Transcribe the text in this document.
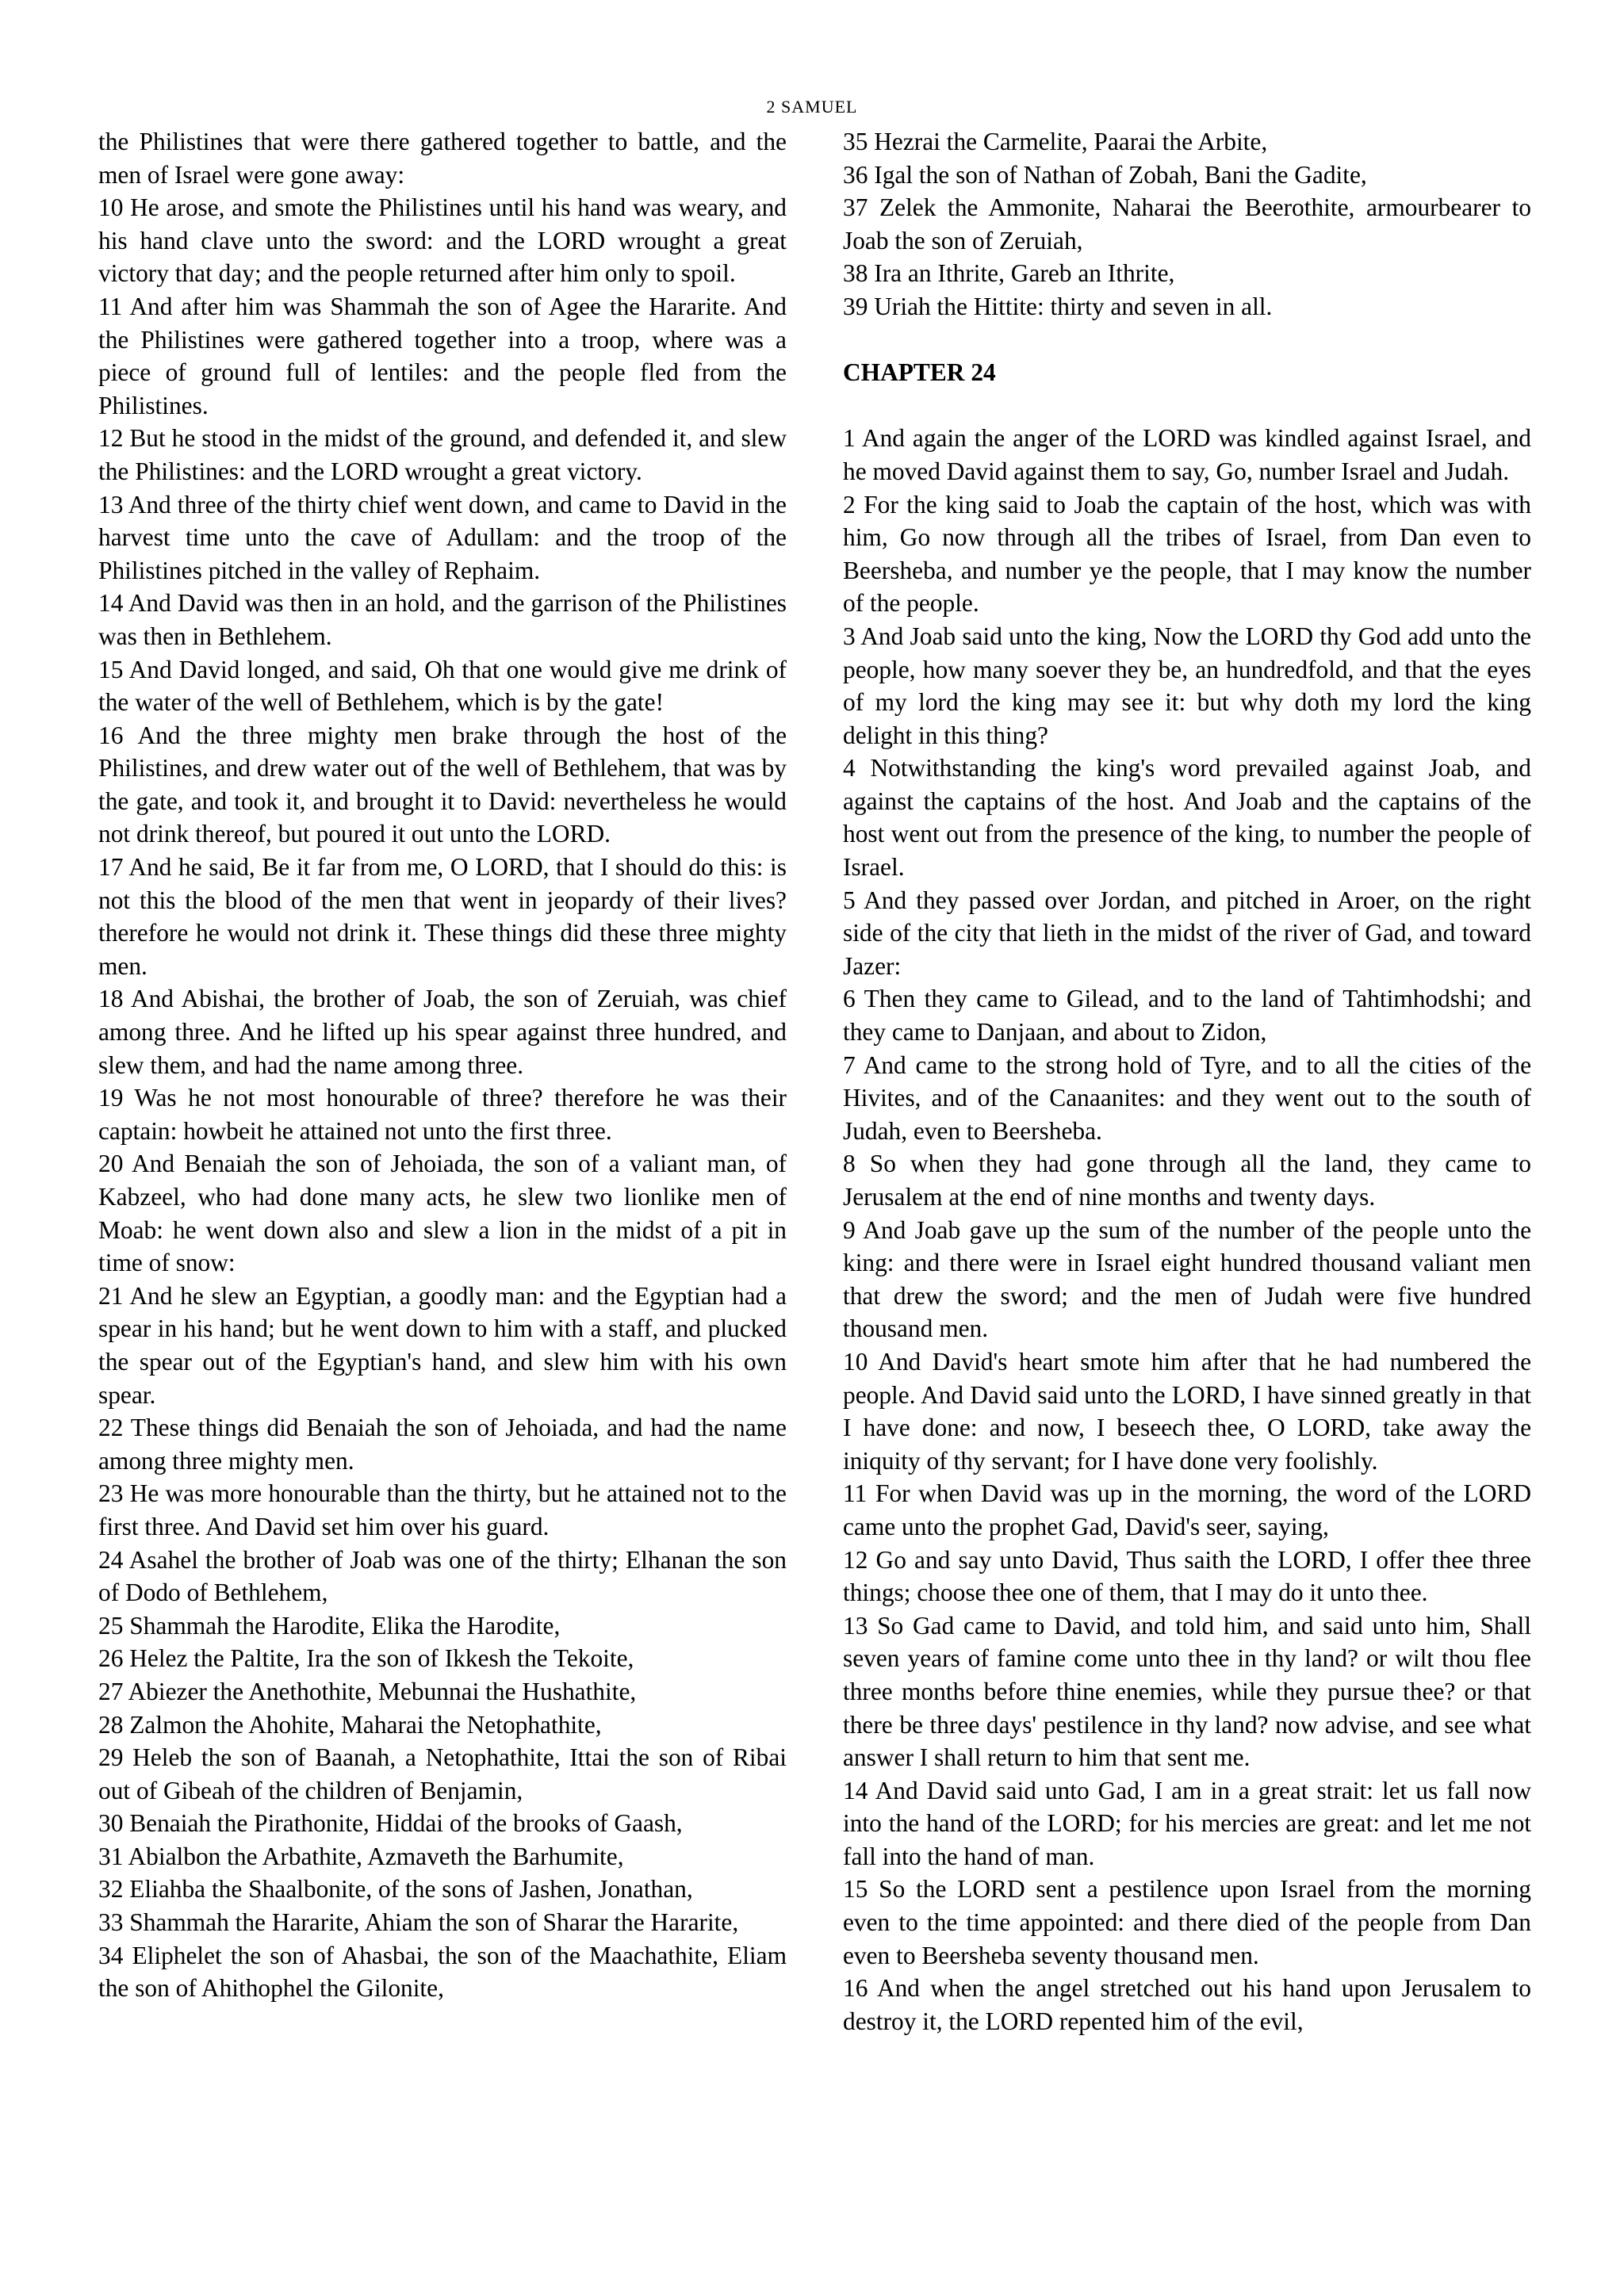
2 SAMUEL

the Philistines that were there gathered together to battle, and the men of Israel were gone away:

10 He arose, and smote the Philistines until his hand was weary, and his hand clave unto the sword: and the LORD wrought a great victory that day; and the people returned after him only to spoil.

11 And after him was Shammah the son of Agee the Hararite. And the Philistines were gathered together into a troop, where was a piece of ground full of lentiles: and the people fled from the Philistines.

12 But he stood in the midst of the ground, and defended it, and slew the Philistines: and the LORD wrought a great victory.

13 And three of the thirty chief went down, and came to David in the harvest time unto the cave of Adullam: and the troop of the Philistines pitched in the valley of Rephaim.

14 And David was then in an hold, and the garrison of the Philistines was then in Bethlehem.

15 And David longed, and said, Oh that one would give me drink of the water of the well of Bethlehem, which is by the gate!

16 And the three mighty men brake through the host of the Philistines, and drew water out of the well of Bethlehem, that was by the gate, and took it, and brought it to David: nevertheless he would not drink thereof, but poured it out unto the LORD.

17 And he said, Be it far from me, O LORD, that I should do this: is not this the blood of the men that went in jeopardy of their lives? therefore he would not drink it. These things did these three mighty men.

18 And Abishai, the brother of Joab, the son of Zeruiah, was chief among three. And he lifted up his spear against three hundred, and slew them, and had the name among three.

19 Was he not most honourable of three? therefore he was their captain: howbeit he attained not unto the first three.

20 And Benaiah the son of Jehoiada, the son of a valiant man, of Kabzeel, who had done many acts, he slew two lionlike men of Moab: he went down also and slew a lion in the midst of a pit in time of snow:

21 And he slew an Egyptian, a goodly man: and the Egyptian had a spear in his hand; but he went down to him with a staff, and plucked the spear out of the Egyptian's hand, and slew him with his own spear.

22 These things did Benaiah the son of Jehoiada, and had the name among three mighty men.

23 He was more honourable than the thirty, but he attained not to the first three. And David set him over his guard.

24 Asahel the brother of Joab was one of the thirty; Elhanan the son of Dodo of Bethlehem,

25 Shammah the Harodite, Elika the Harodite,

26 Helez the Paltite, Ira the son of Ikkesh the Tekoite,

27 Abiezer the Anethothite, Mebunnai the Hushathite,

28 Zalmon the Ahohite, Maharai the Netophathite,

29 Heleb the son of Baanah, a Netophathite, Ittai the son of Ribai out of Gibeah of the children of Benjamin,

30 Benaiah the Pirathonite, Hiddai of the brooks of Gaash,

31 Abialbon the Arbathite, Azmaveth the Barhumite,

32 Eliahba the Shaalbonite, of the sons of Jashen, Jonathan,

33 Shammah the Hararite, Ahiam the son of Sharar the Hararite,

34 Eliphelet the son of Ahasbai, the son of the Maachathite, Eliam the son of Ahithophel the Gilonite,

35 Hezrai the Carmelite, Paarai the Arbite,

36 Igal the son of Nathan of Zobah, Bani the Gadite,

37 Zelek the Ammonite, Naharai the Beerothite, armourbearer to Joab the son of Zeruiah,

38 Ira an Ithrite, Gareb an Ithrite,

39 Uriah the Hittite: thirty and seven in all.

CHAPTER 24

1 And again the anger of the LORD was kindled against Israel, and he moved David against them to say, Go, number Israel and Judah.

2 For the king said to Joab the captain of the host, which was with him, Go now through all the tribes of Israel, from Dan even to Beersheba, and number ye the people, that I may know the number of the people.

3 And Joab said unto the king, Now the LORD thy God add unto the people, how many soever they be, an hundredfold, and that the eyes of my lord the king may see it: but why doth my lord the king delight in this thing?

4 Notwithstanding the king's word prevailed against Joab, and against the captains of the host. And Joab and the captains of the host went out from the presence of the king, to number the people of Israel.

5 And they passed over Jordan, and pitched in Aroer, on the right side of the city that lieth in the midst of the river of Gad, and toward Jazer:

6 Then they came to Gilead, and to the land of Tahtimhodshi; and they came to Danjaan, and about to Zidon,

7 And came to the strong hold of Tyre, and to all the cities of the Hivites, and of the Canaanites: and they went out to the south of Judah, even to Beersheba.

8 So when they had gone through all the land, they came to Jerusalem at the end of nine months and twenty days.

9 And Joab gave up the sum of the number of the people unto the king: and there were in Israel eight hundred thousand valiant men that drew the sword; and the men of Judah were five hundred thousand men.

10 And David's heart smote him after that he had numbered the people. And David said unto the LORD, I have sinned greatly in that I have done: and now, I beseech thee, O LORD, take away the iniquity of thy servant; for I have done very foolishly.

11 For when David was up in the morning, the word of the LORD came unto the prophet Gad, David's seer, saying,

12 Go and say unto David, Thus saith the LORD, I offer thee three things; choose thee one of them, that I may do it unto thee.

13 So Gad came to David, and told him, and said unto him, Shall seven years of famine come unto thee in thy land? or wilt thou flee three months before thine enemies, while they pursue thee? or that there be three days' pestilence in thy land? now advise, and see what answer I shall return to him that sent me.

14 And David said unto Gad, I am in a great strait: let us fall now into the hand of the LORD; for his mercies are great: and let me not fall into the hand of man.

15 So the LORD sent a pestilence upon Israel from the morning even to the time appointed: and there died of the people from Dan even to Beersheba seventy thousand men.

16 And when the angel stretched out his hand upon Jerusalem to destroy it, the LORD repented him of the evil,
